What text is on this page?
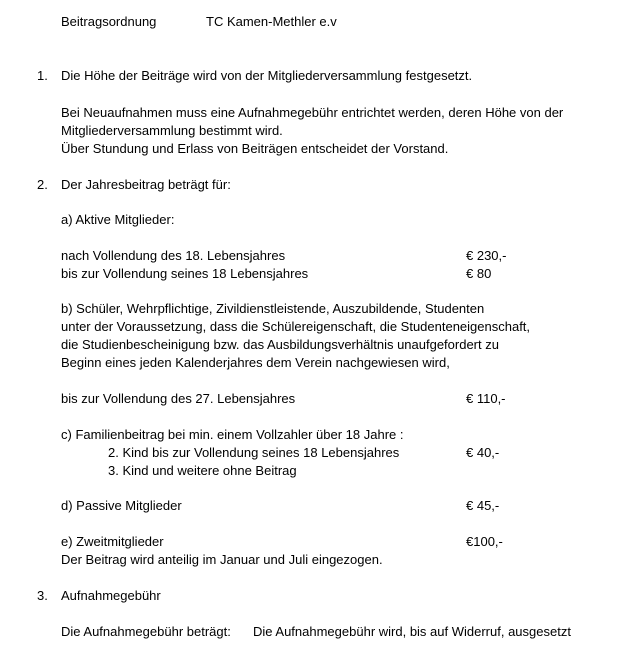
Beitragsordnung	TC Kamen-Methler e.v
1. Die Höhe der Beiträge wird von der Mitgliederversammlung festgesetzt.
Bei Neuaufnahmen muss eine Aufnahmegebühr entrichtet werden, deren Höhe von der
Mitgliederversammlung bestimmt wird.
Über Stundung und Erlass von Beiträgen entscheidet der Vorstand.
2. Der Jahresbeitrag beträgt für:
a) Aktive Mitglieder:
nach Vollendung des 18. Lebensjahres	€ 230,-
bis zur Vollendung seines 18 Lebensjahres	€ 80
b) Schüler, Wehrpflichtige, Zivildienstleistende, Auszubildende, Studenten
unter der Voraussetzung, dass die Schülereigenschaft, die Studenteneigenschaft,
die Studienbescheinigung bzw. das Ausbildungsverhältnis unaufgefordert zu
Beginn eines jeden Kalenderjahres dem Verein nachgewiesen wird,
bis zur Vollendung des 27. Lebensjahres	€ 110,-
c) Familienbeitrag bei min. einem Vollzahler über 18 Jahre :
2. Kind bis zur Vollendung seines 18 Lebensjahres	€ 40,-
3. Kind und weitere ohne Beitrag
d) Passive Mitglieder	€ 45,-
e) Zweitmitglieder	€100,-
Der Beitrag wird anteilig im Januar und Juli eingezogen.
3. Aufnahmegebühr
Die Aufnahmegebühr beträgt: Die Aufnahmegebühr wird, bis auf Widerruf, ausgesetzt
